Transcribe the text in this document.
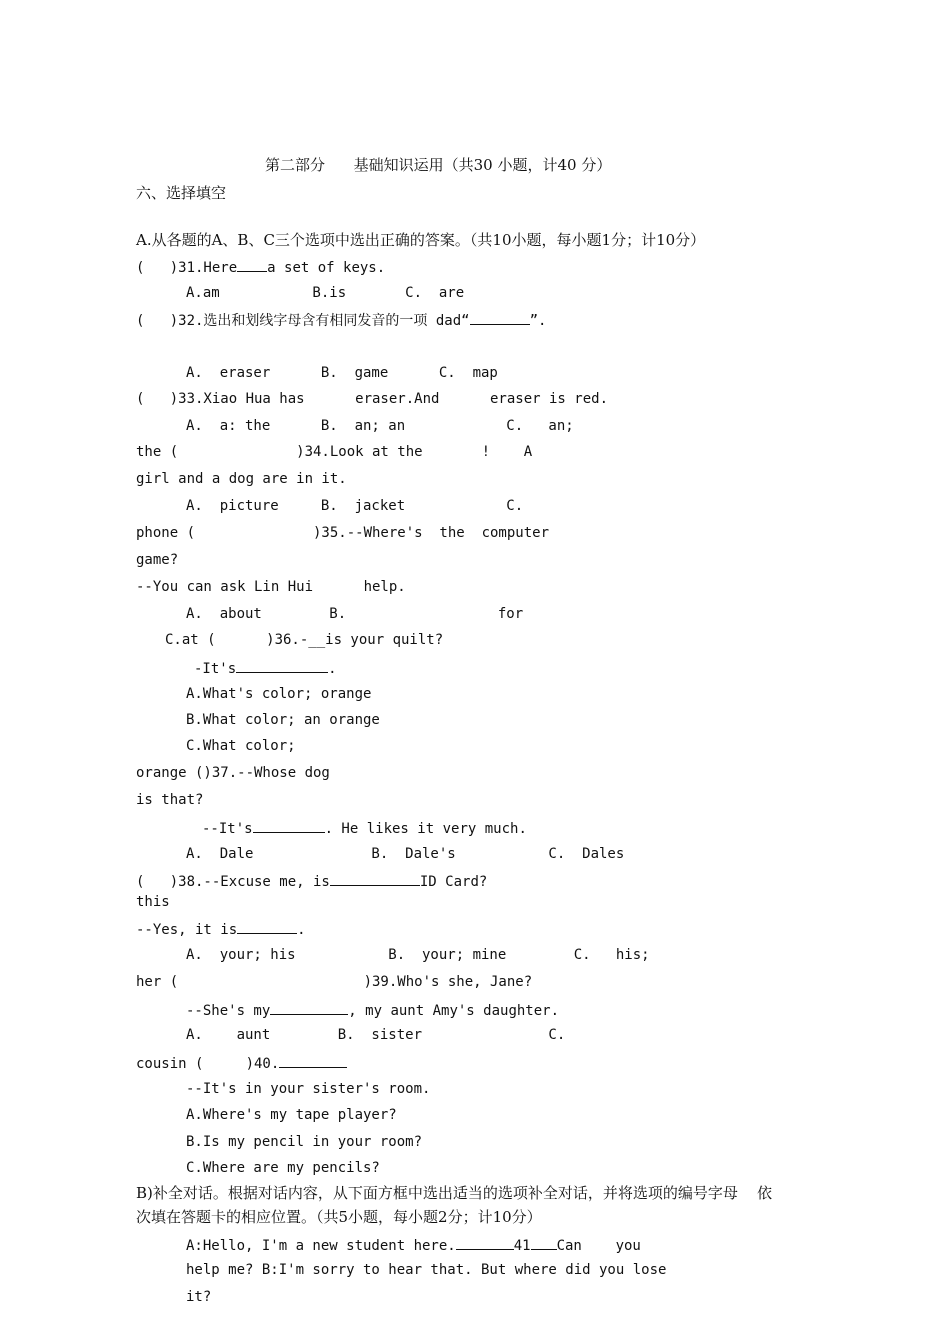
第二部分      基础知识运用（共30 小题，计40 分）
六、选择填空
A.从各题的A、B、C三个选项中选出正确的答案。（共10小题，每小题1分；计10分）
(   )31.Here a set of keys.
A.am           B.is       C.  are
(   )32.选出和划线字母含有相同发音的一项 dad“	”.
A.  eraser      B.  game      C.  map
(   )33.Xiao Hua has      eraser.And      eraser is red.
A.  a: the      B.  an; an            C.   an;
the (              )34.Look at the       !    A
girl and a dog are in it.
A.  picture     B.  jacket            C.
phone (              )35.--Where's  the  computer
game?
--You can ask Lin Hui      help.
A.  about        B.                  for
C.at (      )36.-__is your quilt?
-It's	.
A.What's color; orange
B.What color; an orange
C.What color;
orange ()37.--Whose dog
is that?
--It's	. He likes it very much.
A.  Dale              B.  Dale's           C.  Dales
(   )38.--Excuse me, is	ID Card?
this
--Yes, it is	.
A.  your; his           B.  your; mine        C.   his;
her (                      )39.Who's she, Jane?
--She's my	, my aunt Amy's daughter.
A.    aunt        B.  sister               C.
cousin (     )40.
--It's in your sister's room.
A.Where's my tape player?
B.Is my pencil in your room?
C.Where are my pencils?
B)补全对话。根据对话内容，从下面方框中选出适当的选项补全对话，并将选项的编号字母    依
次填在答题卡的相应位置。（共5小题，每小题2分；计10分）
A:Hello, I'm a new student here.	41 Can    you
help me? B:I'm sorry to hear that. But where did you lose
it?
